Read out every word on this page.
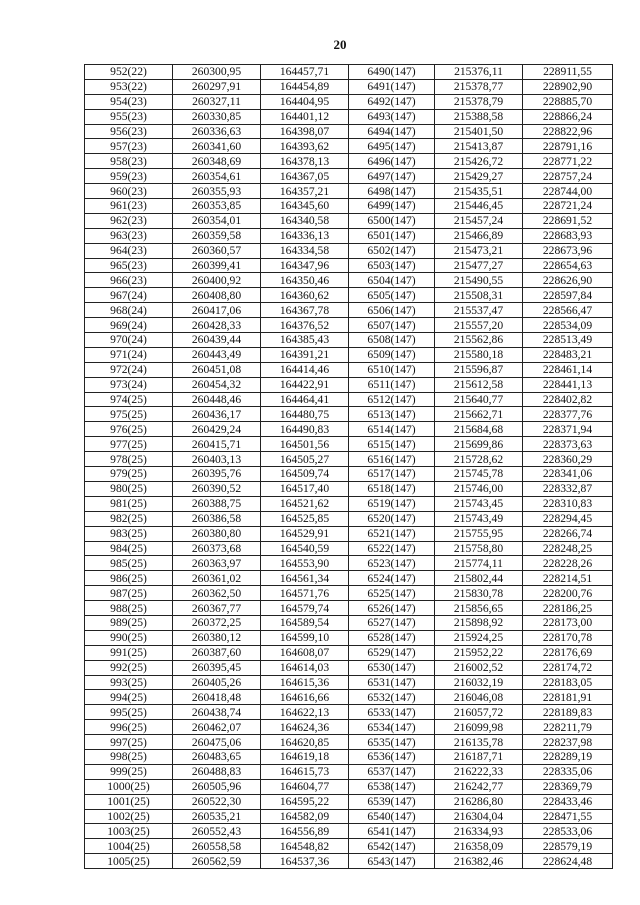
20
952(22)	260300,95	164457,71	6490(147)	215376,11	228911,55
953(22)	260297,91	164454,89	6491(147)	215378,77	228902,90
954(23)	260327,11	164404,95	6492(147)	215378,79	228885,70
955(23)	260330,85	164401,12	6493(147)	215388,58	228866,24
956(23)	260336,63	164398,07	6494(147)	215401,50	228822,96
957(23)	260341,60	164393,62	6495(147)	215413,87	228791,16
958(23)	260348,69	164378,13	6496(147)	215426,72	228771,22
959(23)	260354,61	164367,05	6497(147)	215429,27	228757,24
960(23)	260355,93	164357,21	6498(147)	215435,51	228744,00
961(23)	260353,85	164345,60	6499(147)	215446,45	228721,24
962(23)	260354,01	164340,58	6500(147)	215457,24	228691,52
963(23)	260359,58	164336,13	6501(147)	215466,89	228683,93
964(23)	260360,57	164334,58	6502(147)	215473,21	228673,96
965(23)	260399,41	164347,96	6503(147)	215477,27	228654,63
966(23)	260400,92	164350,46	6504(147)	215490,55	228626,90
967(24)	260408,80	164360,62	6505(147)	215508,31	228597,84
968(24)	260417,06	164367,78	6506(147)	215537,47	228566,47
969(24)	260428,33	164376,52	6507(147)	215557,20	228534,09
970(24)	260439,44	164385,43	6508(147)	215562,86	228513,49
971(24)	260443,49	164391,21	6509(147)	215580,18	228483,21
972(24)	260451,08	164414,46	6510(147)	215596,87	228461,14
973(24)	260454,32	164422,91	6511(147)	215612,58	228441,13
974(25)	260448,46	164464,41	6512(147)	215640,77	228402,82
975(25)	260436,17	164480,75	6513(147)	215662,71	228377,76
976(25)	260429,24	164490,83	6514(147)	215684,68	228371,94
977(25)	260415,71	164501,56	6515(147)	215699,86	228373,63
978(25)	260403,13	164505,27	6516(147)	215728,62	228360,29
979(25)	260395,76	164509,74	6517(147)	215745,78	228341,06
980(25)	260390,52	164517,40	6518(147)	215746,00	228332,87
981(25)	260388,75	164521,62	6519(147)	215743,45	228310,83
982(25)	260386,58	164525,85	6520(147)	215743,49	228294,45
983(25)	260380,80	164529,91	6521(147)	215755,95	228266,74
984(25)	260373,68	164540,59	6522(147)	215758,80	228248,25
985(25)	260363,97	164553,90	6523(147)	215774,11	228228,26
986(25)	260361,02	164561,34	6524(147)	215802,44	228214,51
987(25)	260362,50	164571,76	6525(147)	215830,78	228200,76
988(25)	260367,77	164579,74	6526(147)	215856,65	228186,25
989(25)	260372,25	164589,54	6527(147)	215898,92	228173,00
990(25)	260380,12	164599,10	6528(147)	215924,25	228170,78
991(25)	260387,60	164608,07	6529(147)	215952,22	228176,69
992(25)	260395,45	164614,03	6530(147)	216002,52	228174,72
993(25)	260405,26	164615,36	6531(147)	216032,19	228183,05
994(25)	260418,48	164616,66	6532(147)	216046,08	228181,91
995(25)	260438,74	164622,13	6533(147)	216057,72	228189,83
996(25)	260462,07	164624,36	6534(147)	216099,98	228211,79
997(25)	260475,06	164620,85	6535(147)	216135,78	228237,98
998(25)	260483,65	164619,18	6536(147)	216187,71	228289,19
999(25)	260488,83	164615,73	6537(147)	216222,33	228335,06
1000(25)	260505,96	164604,77	6538(147)	216242,77	228369,79
1001(25)	260522,30	164595,22	6539(147)	216286,80	228433,46
1002(25)	260535,21	164582,09	6540(147)	216304,04	228471,55
1003(25)	260552,43	164556,89	6541(147)	216334,93	228533,06
1004(25)	260558,58	164548,82	6542(147)	216358,09	228579,19
1005(25)	260562,59	164537,36	6543(147)	216382,46	228624,48
